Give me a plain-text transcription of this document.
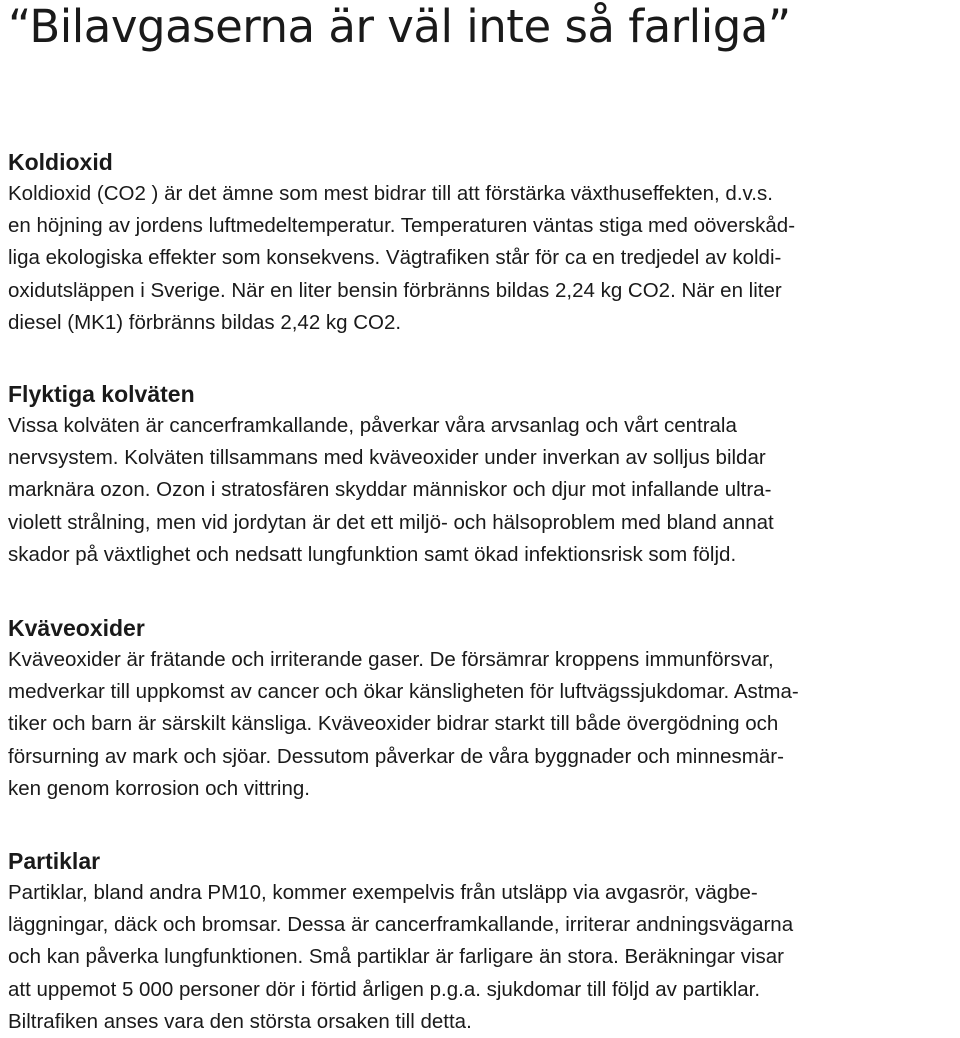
“Bilavgaserna är väl inte så farliga”
Koldioxid

Koldioxid (CO2 ) är det ämne som mest bidrar till att förstärka växthuseffekten, d.v.s.
en höjning av jordens luftmedeltemperatur. Temperaturen väntas stiga med oöverskåd-
liga ekologiska effekter som konsekvens. Vägtrafiken står för ca en tredjedel av koldi-
oxidutsläppen i Sverige. När en liter bensin förbränns bildas 2,24 kg CO2. När en liter
diesel (MK1) förbränns bildas 2,42 kg CO2.

Flyktiga kolväten

Vissa kolväten är cancerframkallande, påverkar våra arvsanlag och vårt centrala
nervsystem. Kolväten tillsammans med kväveoxider under inverkan av solljus bildar
marknära ozon. Ozon i stratosfären skyddar människor och djur mot infallande ultra-
violett strålning, men vid jordytan är det ett miljö- och hälsoproblem med bland annat
skador på växtlighet och nedsatt lungfunktion samt ökad infektionsrisk som följd.

Kväveoxider

Kväveoxider är frätande och irriterande gaser. De försämrar kroppens immunförsvar,
medverkar till uppkomst av cancer och ökar känsligheten för luftvägssjukdomar. Astma-
tiker och barn är särskilt känsliga. Kväveoxider bidrar starkt till både övergödning och
försurning av mark och sjöar. Dessutom påverkar de våra byggnader och minnesmär-
ken genom korrosion och vittring.

Partiklar

Partiklar, bland andra PM10, kommer exempelvis från utsläpp via avgasrör, vägbe-
läggningar, däck och bromsar. Dessa är cancerframkallande, irriterar andningsvägarna
och kan påverka lungfunktionen. Små partiklar är farligare än stora. Beräkningar visar
att uppemot 5 000 personer dör i förtid årligen p.g.a. sjukdomar till följd av partiklar.
Biltrafiken anses vara den största orsaken till detta.
